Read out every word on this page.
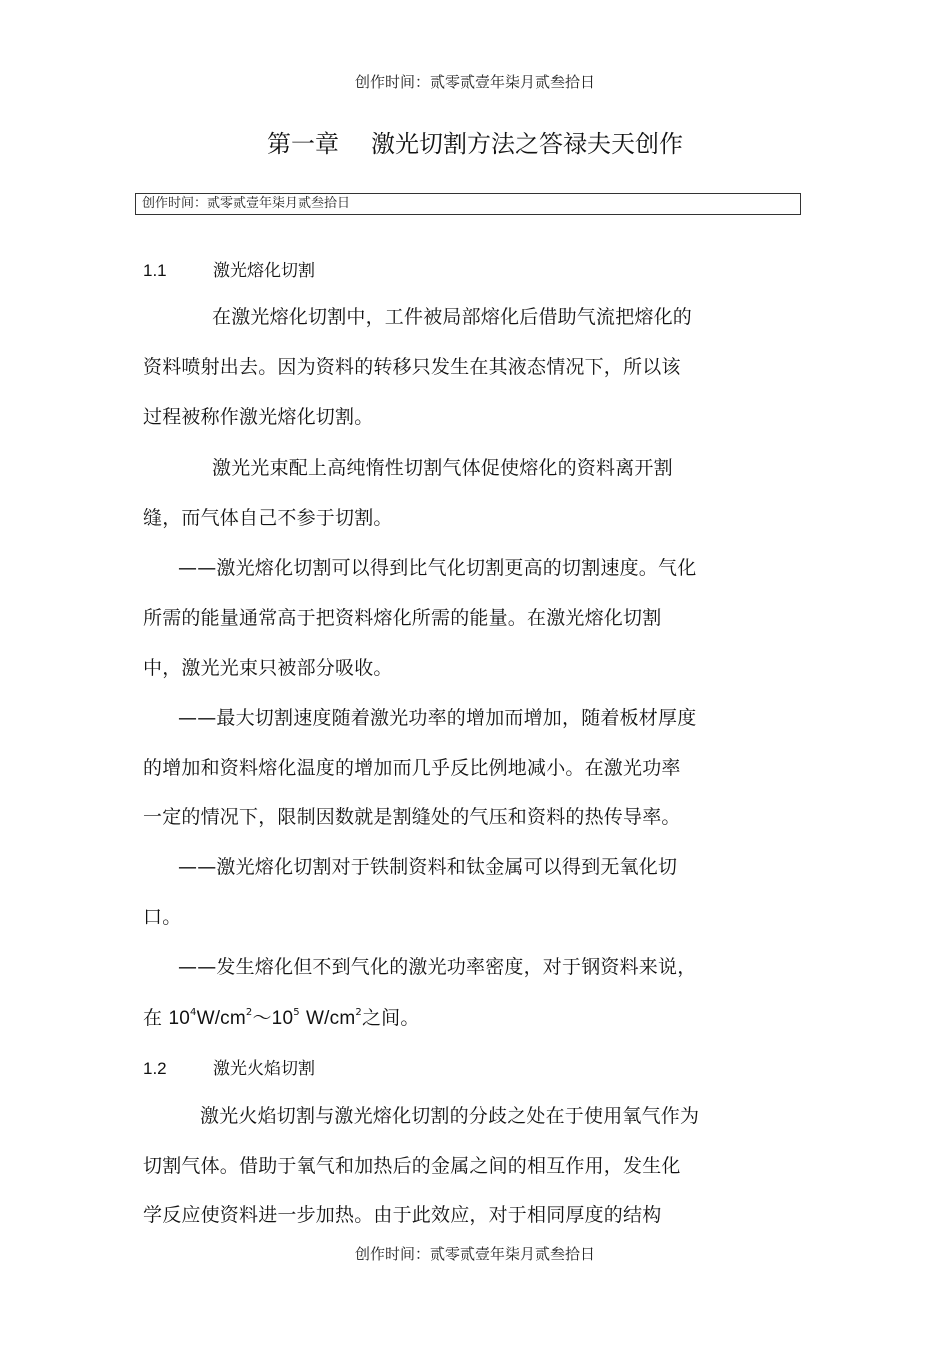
创作时间：贰零贰壹年柒月贰叁拾日
第一章 激光切割方法之答禄夫天创作
创作时间：贰零贰壹年柒月贰叁拾日
1.1	激光熔化切割
在激光熔化切割中，工件被局部熔化后借助气流把熔化的
资料喷射出去。因为资料的转移只发生在其液态情况下，所以该
过程被称作激光熔化切割。
激光光束配上高纯惰性切割气体促使熔化的资料离开割
缝，而气体自己不参于切割。
——激光熔化切割可以得到比气化切割更高的切割速度。气化
所需的能量通常高于把资料熔化所需的能量。在激光熔化切割
中，激光光束只被部分吸收。
——最大切割速度随着激光功率的增加而增加，随着板材厚度
的增加和资料熔化温度的增加而几乎反比例地减小。在激光功率
一定的情况下，限制因数就是割缝处的气压和资料的热传导率。
——激光熔化切割对于铁制资料和钛金属可以得到无氧化切
口。
——发生熔化但不到气化的激光功率密度，对于钢资料来说，
在 $10^4W/cm^2\sim 10^5$ $W/cm^2$之间。
1.2	激光火焰切割
激光火焰切割与激光熔化切割的分歧之处在于使用氧气作为
切割气体。借助于氧气和加热后的金属之间的相互作用，发生化
学反应使资料进一步加热。由于此效应，对于相同厚度的结构
创作时间：贰零贰壹年柒月贰叁拾日
